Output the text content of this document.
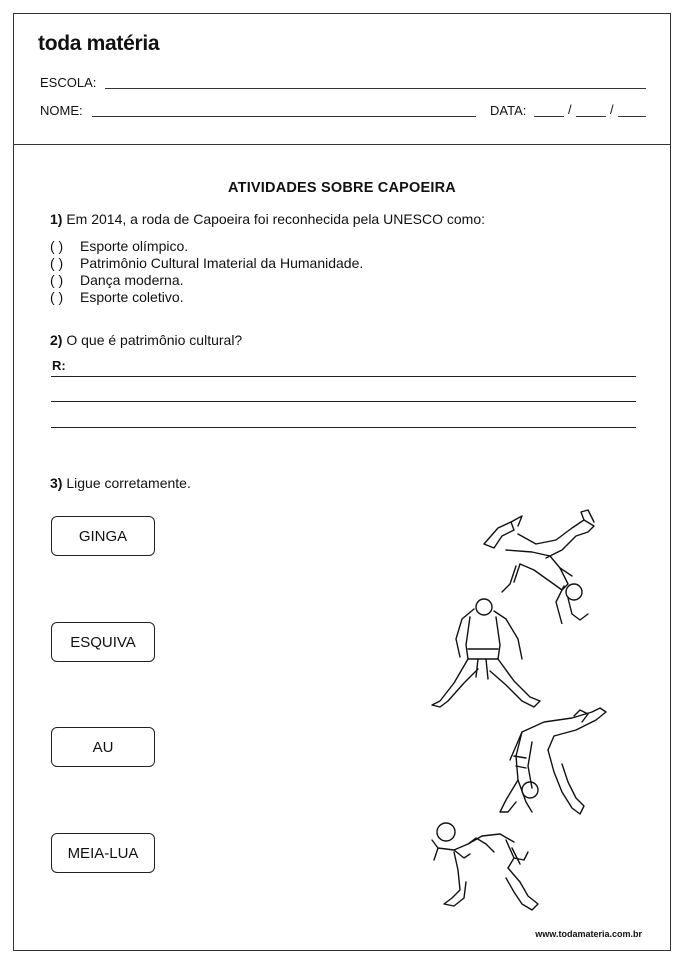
toda matéria
ESCOLA:
NOME:	DATA:	/	/
ATIVIDADES SOBRE CAPOEIRA
1) Em 2014, a roda de Capoeira foi reconhecida pela UNESCO como:
( ) Esporte olímpico.
( ) Patrimônio Cultural Imaterial da Humanidade.
( ) Dança moderna.
( ) Esporte coletivo.
2) O que é patrimônio cultural?
R:
3) Ligue corretamente.
GINGA
ESQUIVA
AU
MEIA-LUA
www.todamateria.com.br
